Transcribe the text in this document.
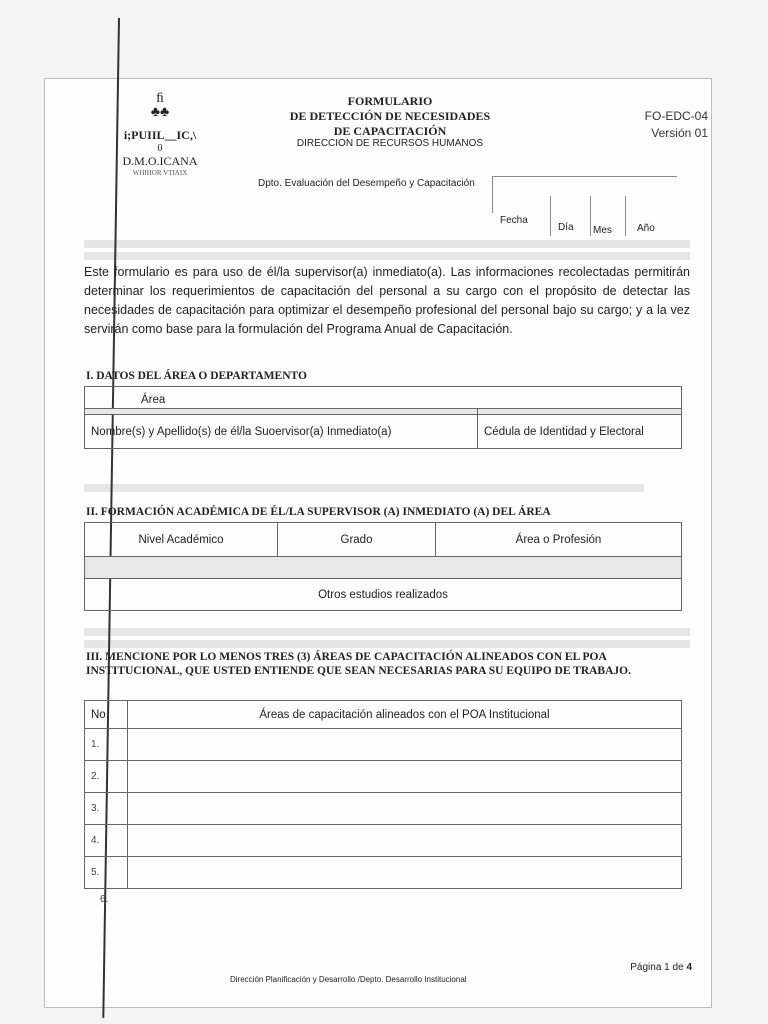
ﬁ
♣♣
i;PUIIL__IC,\
0
D.M.O.ICANA
WHIHOR VTIAIX
FORMULARIO
DE DETECCIÓN DE NECESIDADES
DE CAPACITACIÓN
DIRECCION DE RECURSOS HUMANOS
FO-EDC-04
Versión 01
Dpto. Evaluación del Desempeño y Capacitación
Fecha
Día Mes	Año
Este formulario es para uso de él/la supervisor(a) inmediato(a). Las informaciones recolectadas permitirán determinar los requerimientos de capacitación del personal a su cargo con el propósito de detectar las necesidades de capacitación para optimizar el desempeño profesional del personal bajo su cargo; y a la vez servirán como base para la formulación del Programa Anual de Capacitación.
I. DATOS DEL ÁREA O DEPARTAMENTO
Área	

Nombre(s) y Apellido(s) de él/la Suoervisor(a) Inmediato(a)	Cédula de Identidad y Electoral
II. FORMACIÓN ACADÉMICA DE ÉL/LA SUPERVISOR (A) INMEDIATO (A) DEL ÁREA
Nivel Académico	Grado	Área o Profesión

Otros estudios realizados
III. MENCIONE POR LO MENOS TRES (3) ÁREAS DE CAPACITACIÓN ALINEADOS CON EL POA INSTITUCIONAL, QUE USTED ENTIENDE QUE SEAN NECESARIAS PARA SU EQUIPO DE TRABAJO.
No.	Áreas de capacitación alineados con el POA Institucional
1.	
2.	
3.	
4.	
5.	
6.
Página 1 de 4
Dirección Planificación y Desarrollo /Depto. Desarrollo Institucional
